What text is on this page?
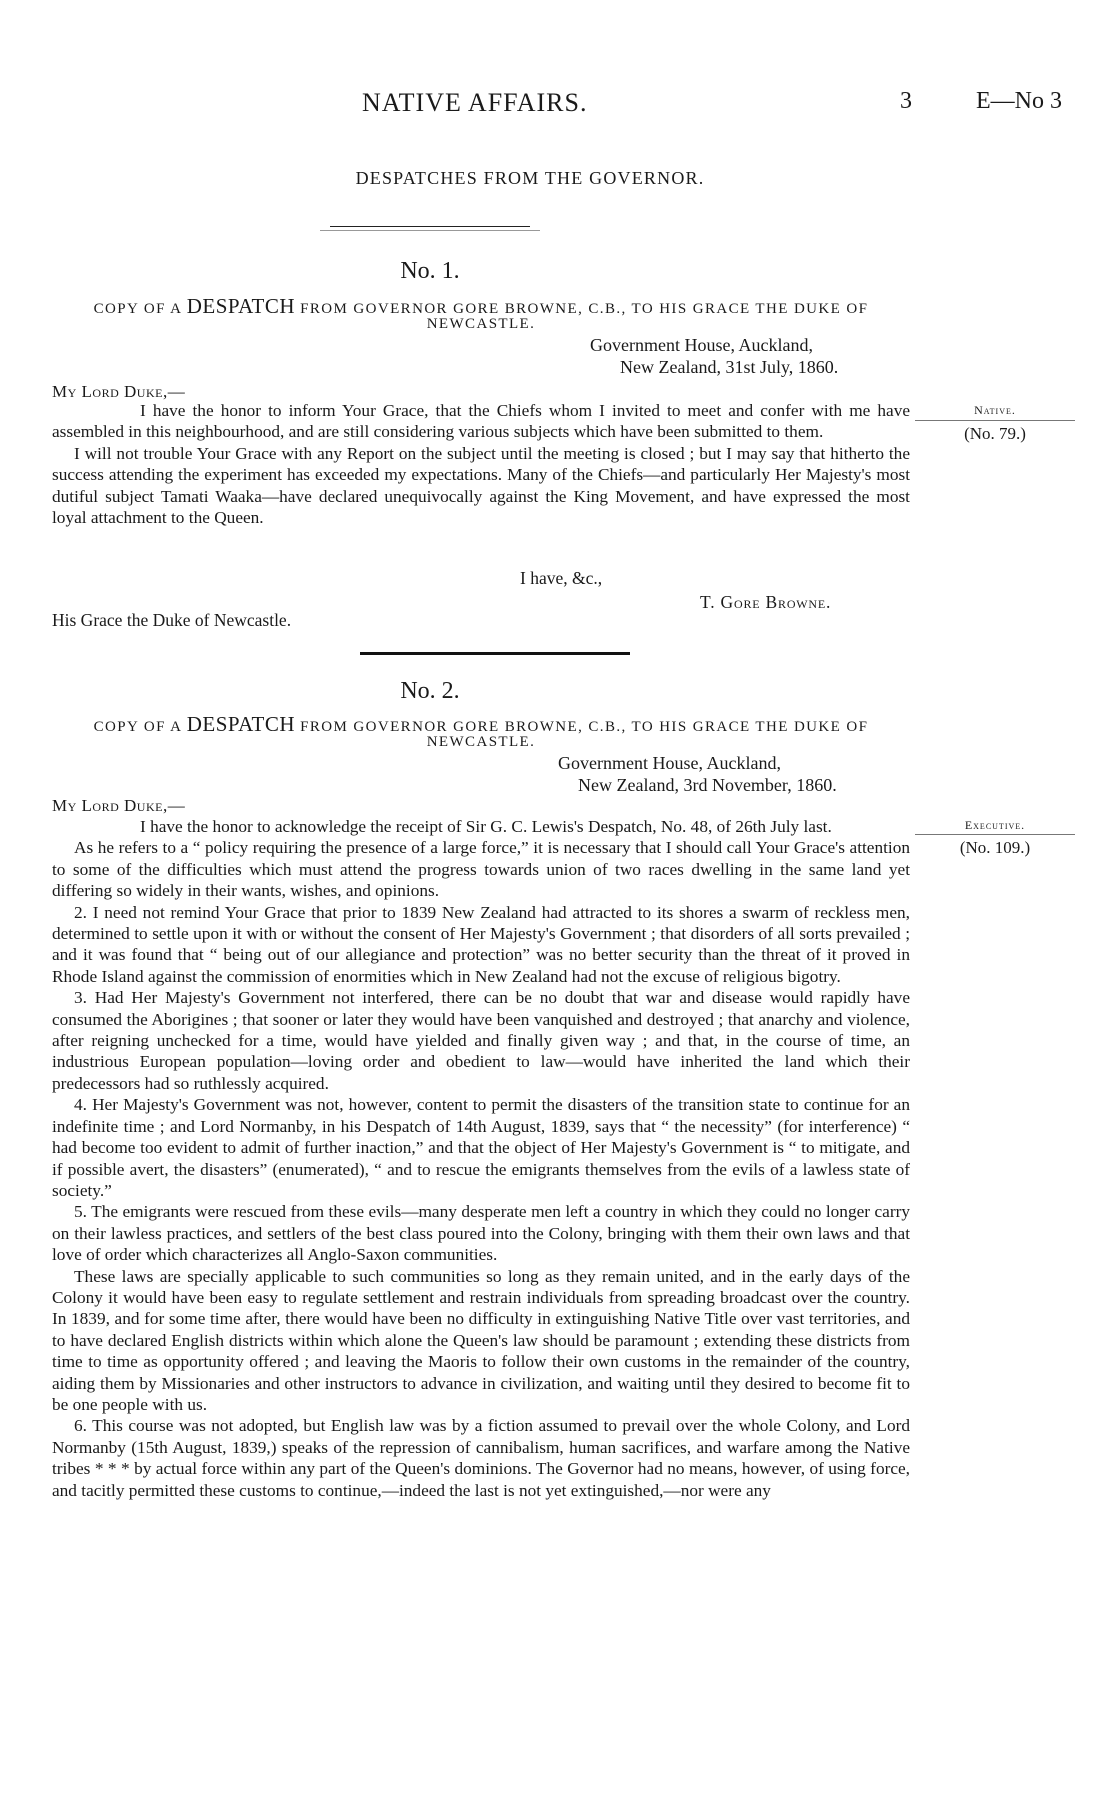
NATIVE AFFAIRS.	3	E—No 3
DESPATCHES FROM THE GOVERNOR.
No. 1.
COPY OF A DESPATCH FROM GOVERNOR GORE BROWNE, C.B., TO HIS GRACE THE DUKE OF
NEWCASTLE.
Government House, Auckland,
New Zealand, 31st July, 1860.
My Lord Duke,—

I have the honor to inform Your Grace, that the Chiefs whom I invited to meet and confer with me have assembled in this neighbourhood, and are still considering various subjects which have been submitted to them.

I will not trouble Your Grace with any Report on the subject until the meeting is closed ; but I may say that hitherto the success attending the experiment has exceeded my expectations. Many of the Chiefs—and particularly Her Majesty's most dutiful subject Tamati Waaka—have declared unequivocally against the King Movement, and have expressed the most loyal attachment to the Queen.

I have, &c.,
T. Gore Browne.
His Grace the Duke of Newcastle.
Native.
(No. 79.)
No. 2.
COPY OF A DESPATCH FROM GOVERNOR GORE BROWNE, C.B., TO HIS GRACE THE DUKE OF
NEWCASTLE.
Government House, Auckland,
New Zealand, 3rd November, 1860.
My Lord Duke,—

I have the honor to acknowledge the receipt of Sir G. C. Lewis's Despatch, No. 48, of 26th July last.

As he refers to a “ policy requiring the presence of a large force,” it is necessary that I should call Your Grace's attention to some of the difficulties which must attend the progress towards union of two races dwelling in the same land yet differing so widely in their wants, wishes, and opinions.

2. I need not remind Your Grace that prior to 1839 New Zealand had attracted to its shores a swarm of reckless men, determined to settle upon it with or without the consent of Her Majesty's Government ; that disorders of all sorts prevailed ; and it was found that “ being out of our allegiance and protection” was no better security than the threat of it proved in Rhode Island against the commission of enormities which in New Zealand had not the excuse of religious bigotry.

3. Had Her Majesty's Government not interfered, there can be no doubt that war and disease would rapidly have consumed the Aborigines ; that sooner or later they would have been vanquished and destroyed ; that anarchy and violence, after reigning unchecked for a time, would have yielded and finally given way ; and that, in the course of time, an industrious European population—loving order and obedient to law—would have inherited the land which their predecessors had so ruthlessly acquired.

4. Her Majesty's Government was not, however, content to permit the disasters of the transition state to continue for an indefinite time ; and Lord Normanby, in his Despatch of 14th August, 1839, says that “ the necessity” (for interference) “ had become too evident to admit of further inaction,” and that the object of Her Majesty's Government is “ to mitigate, and if possible avert, the disasters” (enumerated), “ and to rescue the emigrants themselves from the evils of a lawless state of society.”

5. The emigrants were rescued from these evils—many desperate men left a country in which they could no longer carry on their lawless practices, and settlers of the best class poured into the Colony, bringing with them their own laws and that love of order which characterizes all Anglo-Saxon communities.

These laws are specially applicable to such communities so long as they remain united, and in the early days of the Colony it would have been easy to regulate settlement and restrain individuals from spreading broadcast over the country. In 1839, and for some time after, there would have been no difficulty in extinguishing Native Title over vast territories, and to have declared English districts within which alone the Queen's law should be paramount ; extending these districts from time to time as opportunity offered ; and leaving the Maoris to follow their own customs in the remainder of the country, aiding them by Missionaries and other instructors to advance in civilization, and waiting until they desired to become fit to be one people with us.

6. This course was not adopted, but English law was by a fiction assumed to prevail over the whole Colony, and Lord Normanby (15th August, 1839,) speaks of the repression of cannibalism, human sacrifices, and warfare among the Native tribes * * * by actual force within any part of the Queen's dominions. The Governor had no means, however, of using force, and tacitly permitted these customs to continue,—indeed the last is not yet extinguished,—nor were any

Executive.
(No. 109.)
